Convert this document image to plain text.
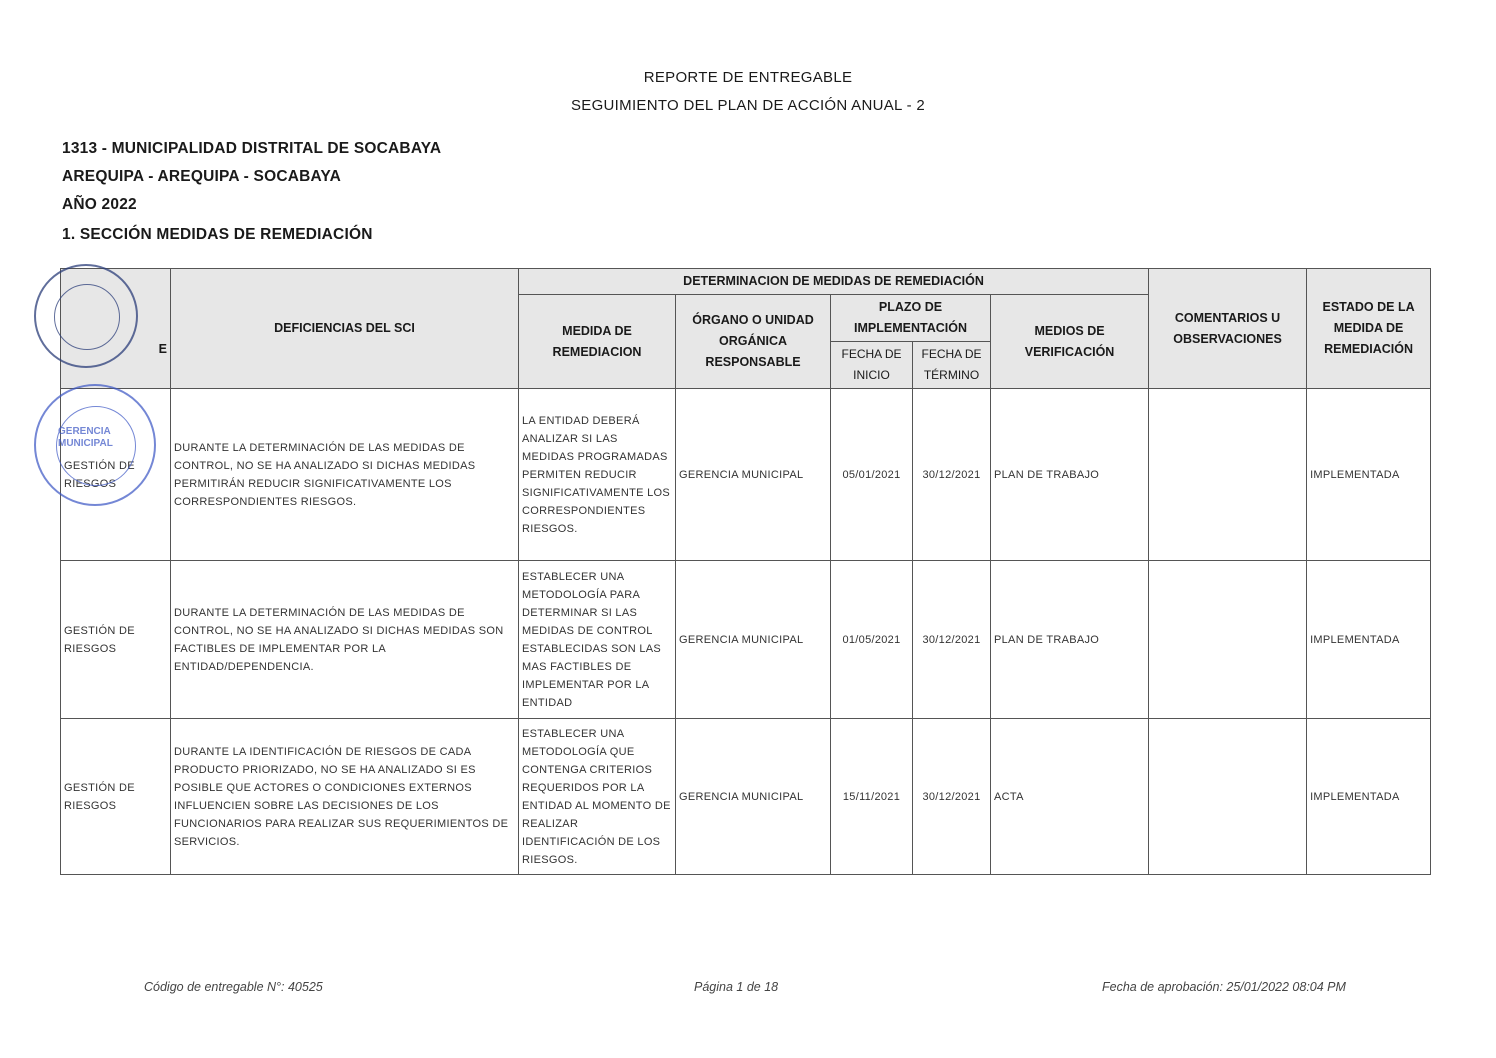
REPORTE DE ENTREGABLE
SEGUIMIENTO DEL PLAN DE ACCIÓN ANUAL - 2
1313 - MUNICIPALIDAD DISTRITAL DE SOCABAYA
AREQUIPA - AREQUIPA - SOCABAYA
AÑO 2022
1. SECCIÓN MEDIDAS DE REMEDIACIÓN
E	DEFICIENCIAS DEL SCI	DETERMINACION DE MEDIDAS DE REMEDIACIÓN					COMENTARIOS U OBSERVACIONES	ESTADO DE LA MEDIDA DE REMEDIACIÓN
		MEDIDA DE REMEDIACION	ÓRGANO O UNIDAD ORGÁNICA RESPONSABLE	PLAZO DE IMPLEMENTACIÓN		MEDIOS DE VERIFICACIÓN		
				FECHA DE INICIO	FECHA DE TÉRMINO			
GESTIÓN DE RIESGOS	DURANTE LA DETERMINACIÓN DE LAS MEDIDAS DE CONTROL, NO SE HA ANALIZADO SI DICHAS MEDIDAS PERMITIRÁN REDUCIR SIGNIFICATIVAMENTE LOS CORRESPONDIENTES RIESGOS.	LA ENTIDAD DEBERÁ ANALIZAR SI LAS MEDIDAS PROGRAMADAS PERMITEN REDUCIR SIGNIFICATIVAMENTE LOS CORRESPONDIENTES RIESGOS.	GERENCIA MUNICIPAL	05/01/2021	30/12/2021	PLAN DE TRABAJO		IMPLEMENTADA
GESTIÓN DE RIESGOS	DURANTE LA DETERMINACIÓN DE LAS MEDIDAS DE CONTROL, NO SE HA ANALIZADO SI DICHAS MEDIDAS SON FACTIBLES DE IMPLEMENTAR POR LA ENTIDAD/DEPENDENCIA.	ESTABLECER UNA METODOLOGÍA PARA DETERMINAR SI LAS MEDIDAS DE CONTROL ESTABLECIDAS SON LAS MAS FACTIBLES DE IMPLEMENTAR POR LA ENTIDAD	GERENCIA MUNICIPAL	01/05/2021	30/12/2021	PLAN DE TRABAJO		IMPLEMENTADA
GESTIÓN DE RIESGOS	DURANTE LA IDENTIFICACIÓN DE RIESGOS DE CADA PRODUCTO PRIORIZADO, NO SE HA ANALIZADO SI ES POSIBLE QUE ACTORES O CONDICIONES EXTERNOS INFLUENCIEN SOBRE LAS DECISIONES DE LOS FUNCIONARIOS PARA REALIZAR SUS REQUERIMIENTOS DE SERVICIOS.	ESTABLECER UNA METODOLOGÍA QUE CONTENGA CRITERIOS REQUERIDOS POR LA ENTIDAD AL MOMENTO DE REALIZAR IDENTIFICACIÓN DE LOS RIESGOS.	GERENCIA MUNICIPAL	15/11/2021	30/12/2021	ACTA		IMPLEMENTADA
GERENCIA MUNICIPAL
Código de entregable N°: 40525	Página 1 de 18	Fecha de aprobación: 25/01/2022 08:04 PM
